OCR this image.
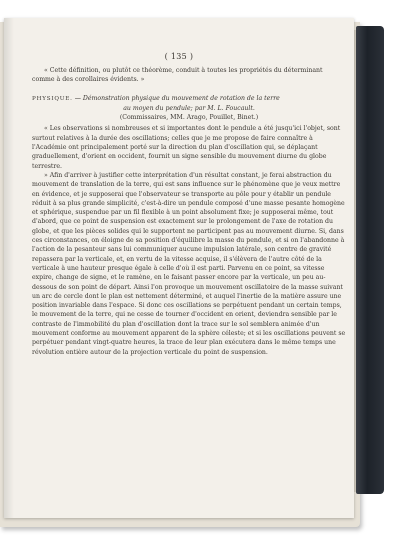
( 135 )

« Cette définition, ou plutôt ce théorème, conduit à toutes les propriétés du déterminant comme à des corollaires évidents. »

PHYSIQUE. — Démonstration physique du mouvement de rotation de la terre

au moyen du pendule; par M. L. Foucault.

(Commissaires, MM. Arago, Pouillet, Binet.)

« Les observations si nombreuses et si importantes dont le pendule a été jusqu'ici l'objet, sont surtout relatives à la durée des oscillations; celles que je me propose de faire connaître à l'Académie ont principalement porté sur la direction du plan d'oscillation qui, se déplaçant graduellement, d'orient en occident, fournit un signe sensible du mouvement diurne du globe terrestre.

» Afin d'arriver à justifier cette interprétation d'un résultat constant, je ferai abstraction du mouvement de translation de la terre, qui est sans influence sur le phénomène que je veux mettre en évidence, et je supposerai que l'observateur se transporte au pôle pour y établir un pendule réduit à sa plus grande simplicité, c'est-à-dire un pendule composé d'une masse pesante homogène et sphérique, suspendue par un fil flexible à un point absolument fixe; je supposerai même, tout d'abord, que ce point de suspension est exactement sur le prolongement de l'axe de rotation du globe, et que les pièces solides qui le supportent ne participent pas au mouvement diurne. Si, dans ces circonstances, on éloigne de sa position d'équilibre la masse du pendule, et si on l'abandonne à l'action de la pesanteur sans lui communiquer aucune impulsion latérale, son centre de gravité repassera par la verticale, et, en vertu de la vitesse acquise, il s'élèvera de l'autre côté de la verticale à une hauteur presque égale à celle d'où il est parti. Parvenu en ce point, sa vitesse expire, change de signe, et le ramène, en le faisant passer encore par la verticale, un peu au-dessous de son point de départ. Ainsi l'on provoque un mouvement oscillatoire de la masse suivant un arc de cercle dont le plan est nettement déterminé, et auquel l'inertie de la matière assure une position invariable dans l'espace. Si donc ces oscillations se perpétuent pendant un certain temps, le mouvement de la terre, qui ne cesse de tourner d'occident en orient, deviendra sensible par le contraste de l'immobilité du plan d'oscillation dont la trace sur le sol semblera animée d'un mouvement conforme au mouvement apparent de la sphère céleste; et si les oscillations peuvent se perpétuer pendant vingt-quatre heures, la trace de leur plan exécutera dans le même temps une révolution entière autour de la projection verticale du point de suspension.
